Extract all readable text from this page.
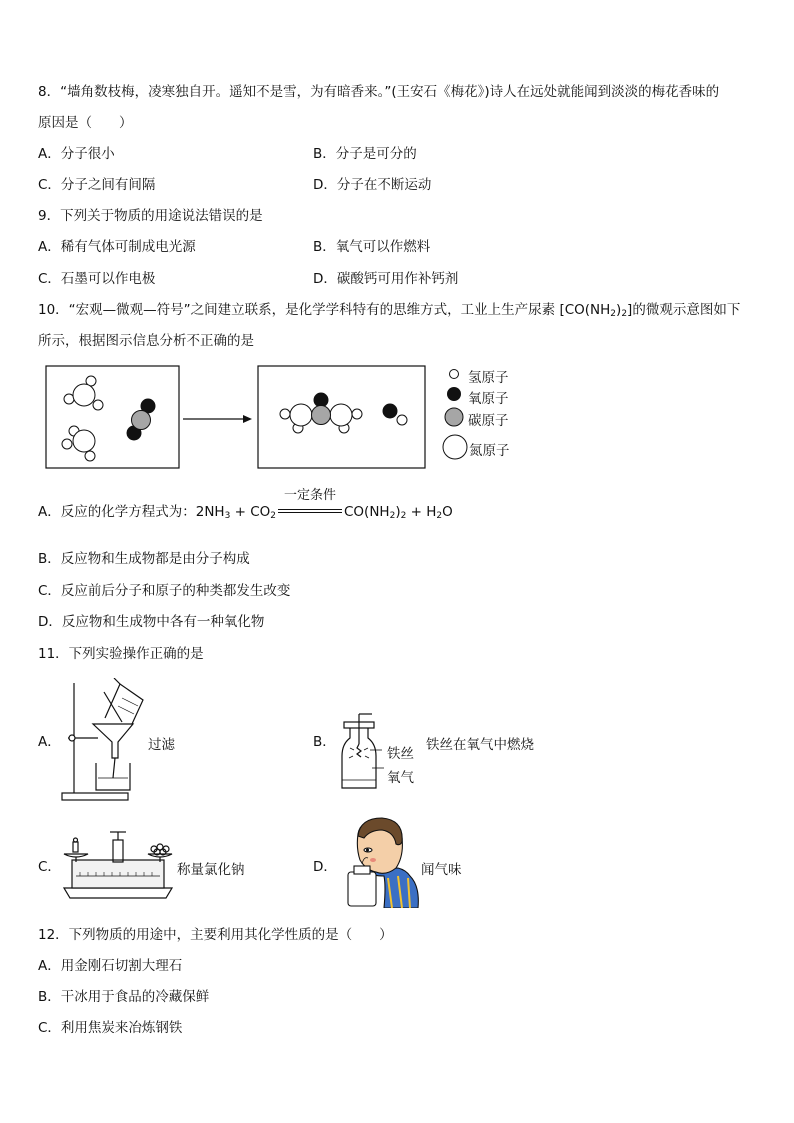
8．“墙角数枝梅，凌寒独自开。遥知不是雪，为有暗香来。”(王安石《梅花》)诗人在远处就能闻到淡淡的梅花香味的
原因是（　　）
A．分子很小	B．分子是可分的
C．分子之间有间隔	D．分子在不断运动
9．下列关于物质的用途说法错误的是
A．稀有气体可制成电光源	B．氧气可以作燃料
C．石墨可以作电极	D．碳酸钙可用作补钙剂
10．“宏观—微观—符号”之间建立联系，是化学学科特有的思维方式，工业上生产尿素 $[CO(NH_2)_2]$的微观示意图如下
所示，根据图示信息分析不正确的是
氢原子
氧原子
碳原子
氮原子
A．反应的化学方程式为：$2NH_3 + CO_2$
一定条件
$CO(NH_2)_2 + H_2O$
B．反应物和生成物都是由分子构成
C．反应前后分子和原子的种类都发生改变
D．反应物和生成物中各有一种氧化物
11．下列实验操作正确的是
A．	过滤	B．
铁丝
氧气
铁丝在氧气中燃烧
C．	称量氯化钠	D．	闻气味
12．下列物质的用途中，主要利用其化学性质的是（　　）
A．用金刚石切割大理石
B．干冰用于食品的冷藏保鲜
C．利用焦炭来冶炼钢铁
